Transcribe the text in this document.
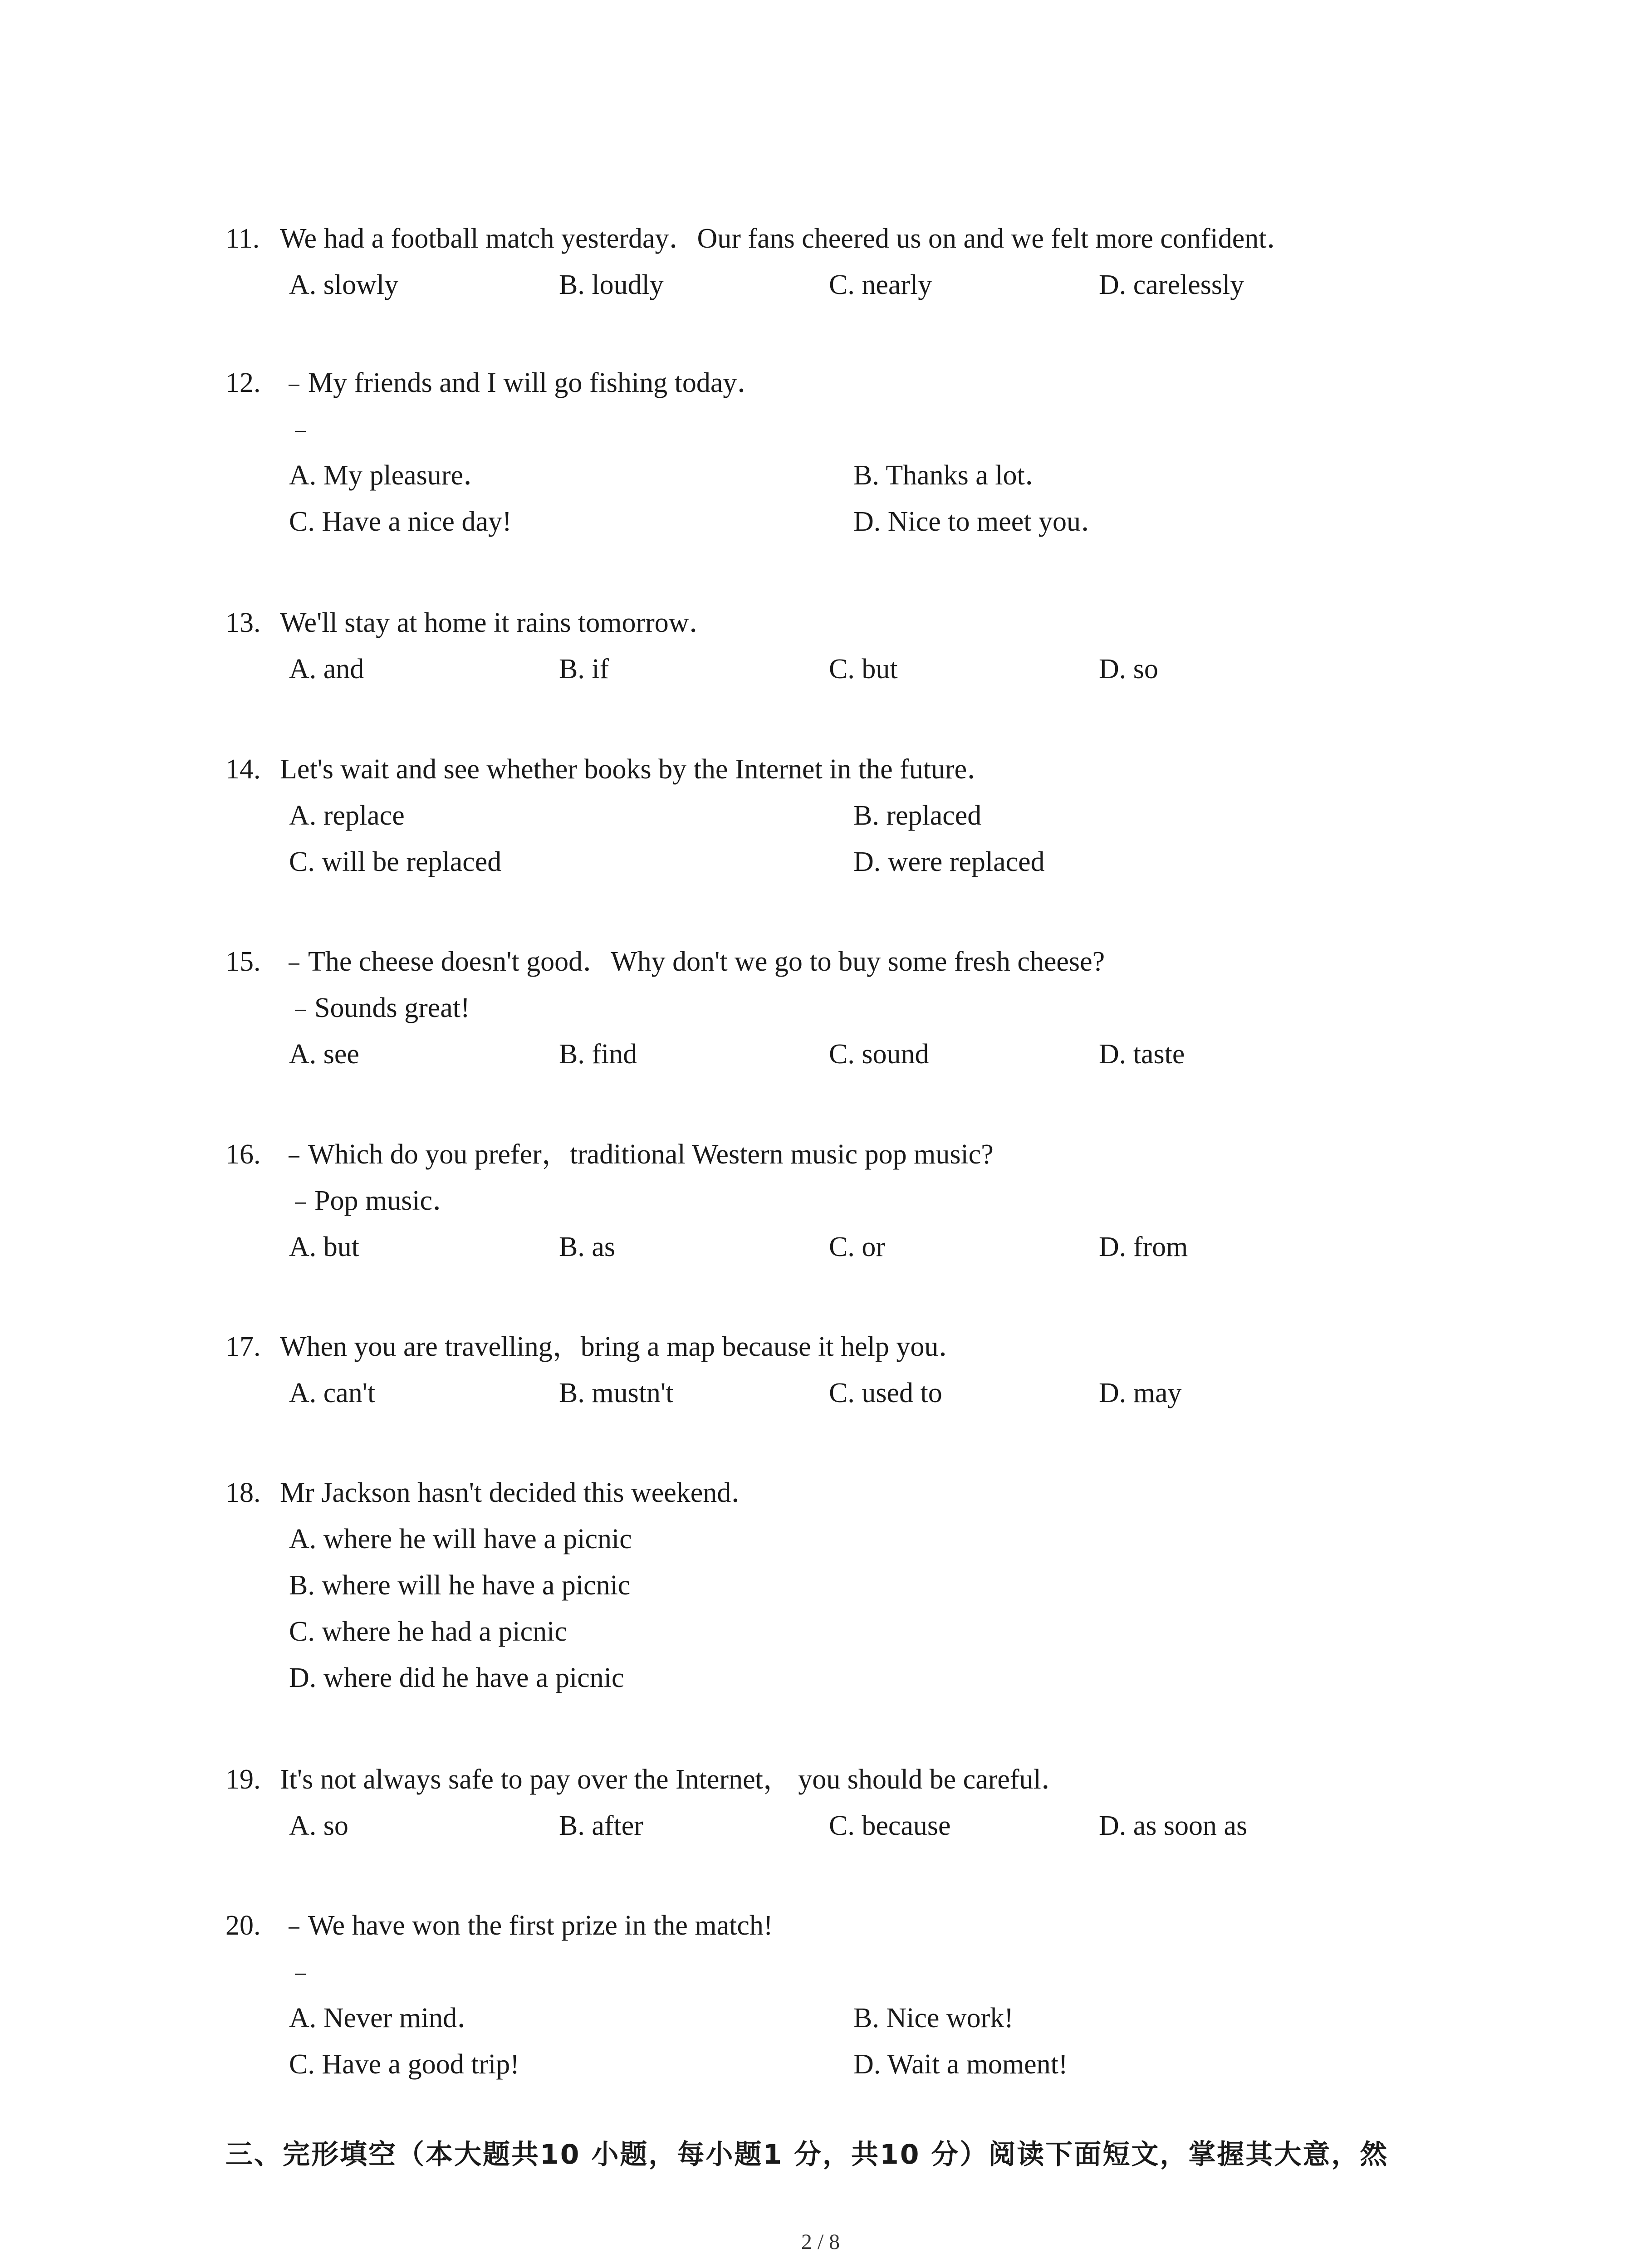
11. We had a football match yesterday．Our fans cheered us on and we felt more confident．
A. slowly	B. loudly	C. nearly	D. carelessly
12. ﹣My friends and I will go fishing today．
﹣
A. My pleasure．	B. Thanks a lot．
C. Have a nice day!	D. Nice to meet you．
13. We'll stay at home it rains tomorrow．
A. and	B. if	C. but	D. so
14. Let's wait and see whether books by the Internet in the future．
A. replace	B. replaced
C. will be replaced	D. were replaced
15. ﹣The cheese doesn't good．Why don't we go to buy some fresh cheese?
﹣Sounds great!
A. see	B. find	C. sound	D. taste
16. ﹣Which do you prefer，traditional Western music pop music?
﹣Pop music．
A. but	B. as	C. or	D. from
17. When you are travelling，bring a map because it help you．
A. can't	B. mustn't	C. used to	D. may
18. Mr Jackson hasn't decided this weekend．
A. where he will have a picnic
B. where will he have a picnic
C. where he had a picnic
D. where did he have a picnic
19. It's not always safe to pay over the Internet， you should be careful．
A. so	B. after	C. because	D. as soon as
20. ﹣We have won the first prize in the match!
﹣
A. Never mind．	B. Nice work!
C. Have a good trip!	D. Wait a moment!
三、完形填空（本大题共10 小题，每小题1 分，共10 分）阅读下面短文，掌握其大意，然
2 / 8
